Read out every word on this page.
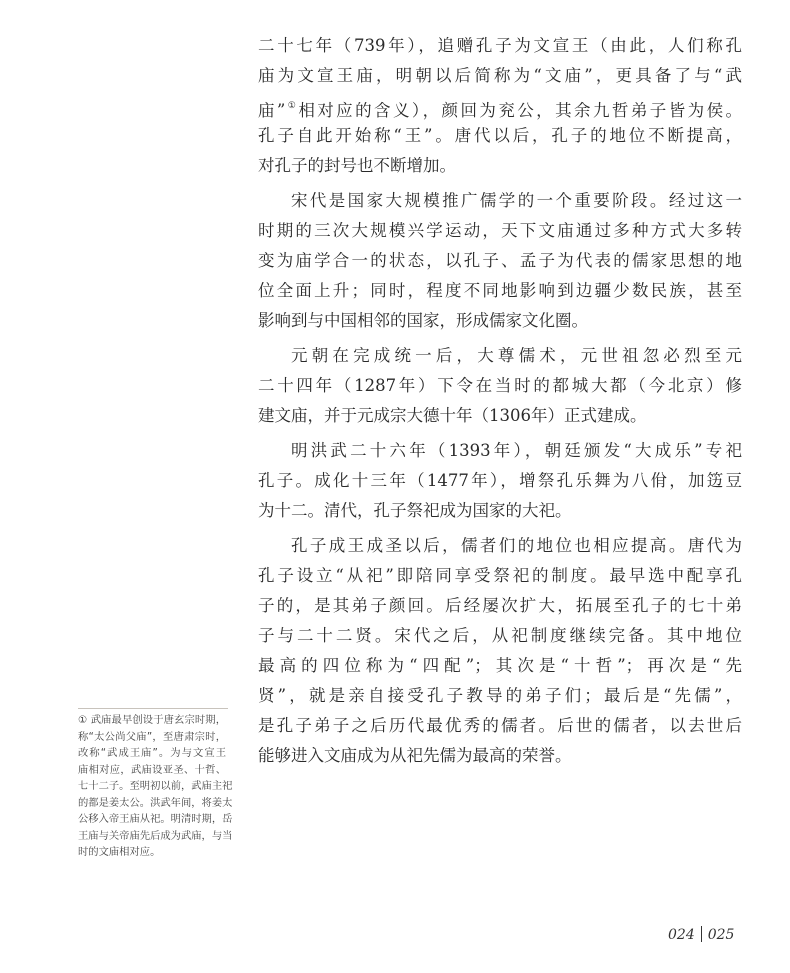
二十七年（739年），追赠孔子为文宣王（由此，人们称孔
庙为文宣王庙，明朝以后简称为“文庙”，更具备了与“武
庙”①相对应的含义），颜回为兖公，其余九哲弟子皆为侯。
孔子自此开始称“王”。唐代以后，孔子的地位不断提高，
对孔子的封号也不断增加。
宋代是国家大规模推广儒学的一个重要阶段。经过这一
时期的三次大规模兴学运动，天下文庙通过多种方式大多转
变为庙学合一的状态，以孔子、孟子为代表的儒家思想的地
位全面上升；同时，程度不同地影响到边疆少数民族，甚至
影响到与中国相邻的国家，形成儒家文化圈。
元朝在完成统一后，大尊儒术，元世祖忽必烈至元
二十四年（1287年）下令在当时的都城大都（今北京）修
建文庙，并于元成宗大德十年（1306年）正式建成。
明洪武二十六年（1393年），朝廷颁发“大成乐”专祀
孔子。成化十三年（1477年），增祭孔乐舞为八佾，加笾豆
为十二。清代，孔子祭祀成为国家的大祀。
孔子成王成圣以后，儒者们的地位也相应提高。唐代为
孔子设立“从祀”即陪同享受祭祀的制度。最早选中配享孔
子的，是其弟子颜回。后经屡次扩大，拓展至孔子的七十弟
子与二十二贤。宋代之后，从祀制度继续完备。其中地位
最高的四位称为“四配”；其次是“十哲”；再次是“先
贤”，就是亲自接受孔子教导的弟子们；最后是“先儒”，
是孔子弟子之后历代最优秀的儒者。后世的儒者，以去世后
能够进入文庙成为从祀先儒为最高的荣誉。
① 武庙最早创设于唐玄宗时期，
称“太公尚父庙”，至唐肃宗时，
改称“武成王庙”。为与文宣王
庙相对应，武庙设亚圣、十哲、
七十二子。至明初以前，武庙主祀
的都是姜太公。洪武年间，将姜太
公移入帝王庙从祀。明清时期，岳
王庙与关帝庙先后成为武庙，与当
时的文庙相对应。
024 025
